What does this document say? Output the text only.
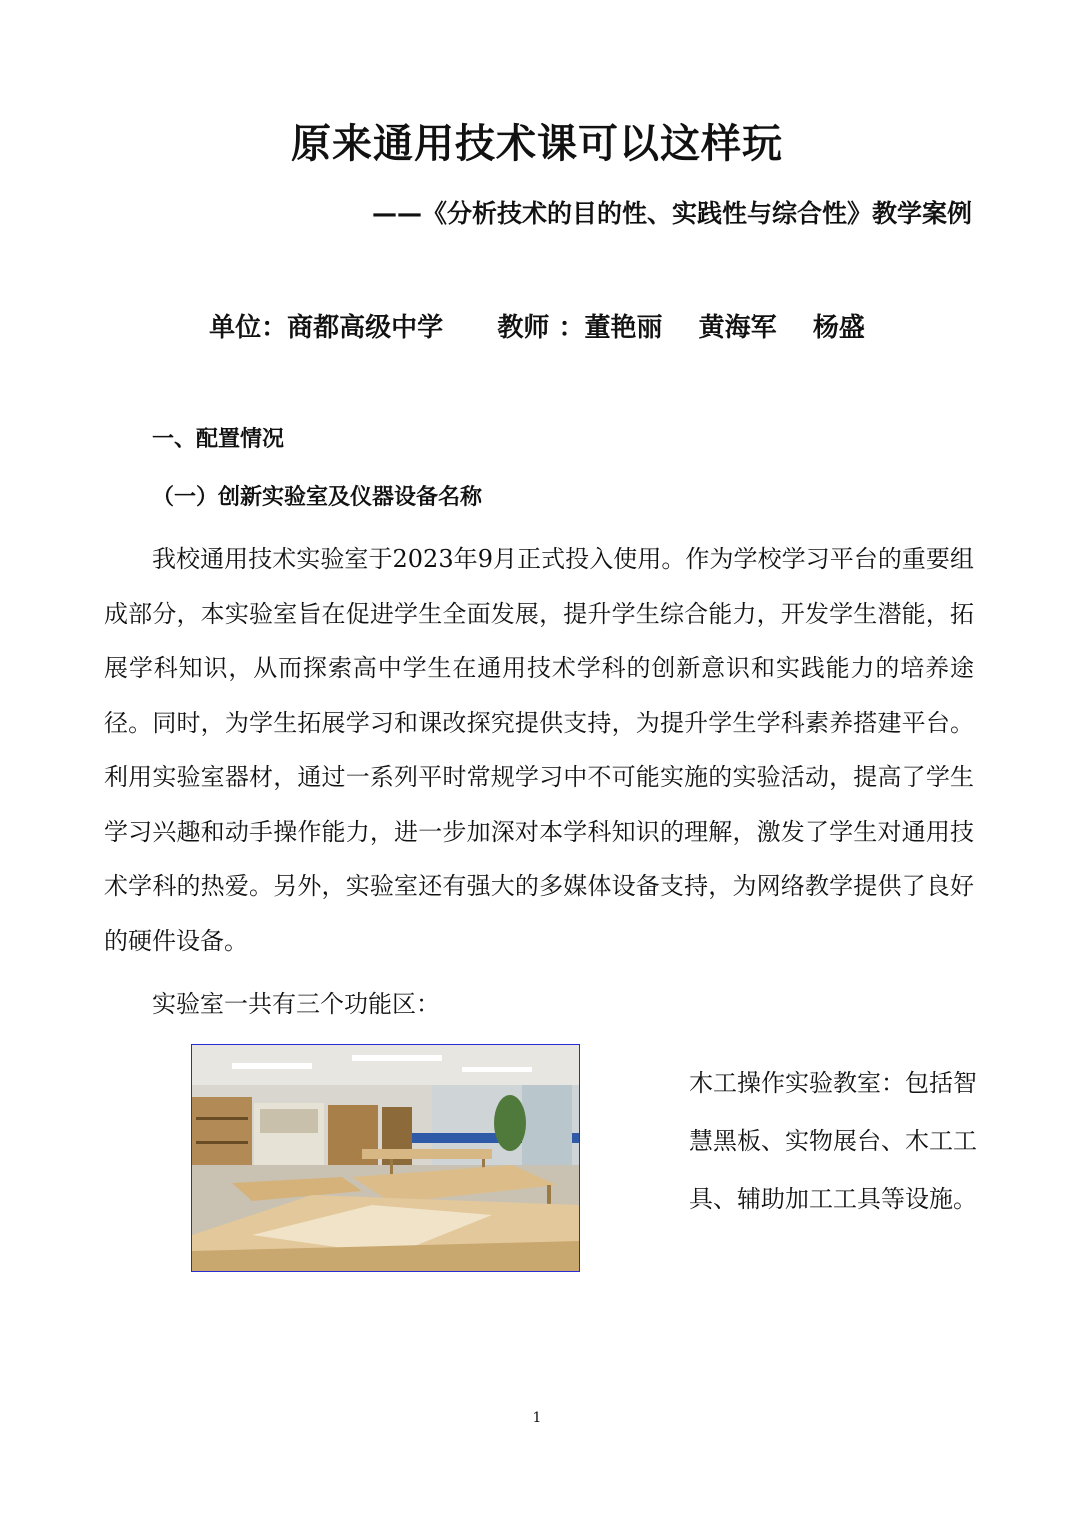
原来通用技术课可以这样玩
——《分析技术的目的性、实践性与综合性》教学案例
单位：商都高级中学      教师 ：董艳丽    黄海军    杨盛
一、配置情况
（一）创新实验室及仪器设备名称

我校通用技术实验室于2023年9月正式投入使用。作为学校学习平台的重要组成部分，本实验室旨在促进学生全面发展，提升学生综合能力，开发学生潜能，拓展学科知识，从而探索高中学生在通用技术学科的创新意识和实践能力的培养途径。同时，为学生拓展学习和课改探究提供支持，为提升学生学科素养搭建平台。利用实验室器材，通过一系列平时常规学习中不可能实施的实验活动，提高了学生学习兴趣和动手操作能力，进一步加深对本学科知识的理解，激发了学生对通用技术学科的热爱。另外，实验室还有强大的多媒体设备支持，为网络教学提供了良好的硬件设备。

实验室一共有三个功能区：
木工操作实验教室：包括智慧黑板、实物展台、木工工具、辅助加工工具等设施。
1
